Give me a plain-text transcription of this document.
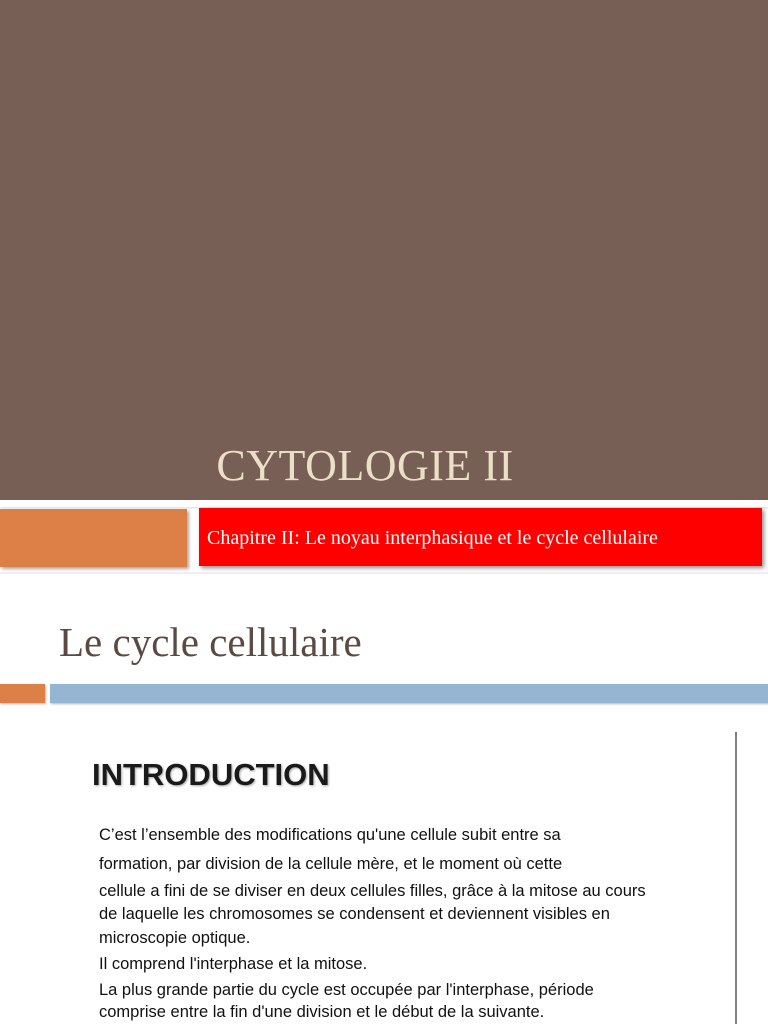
CYTOLOGIE II
Chapitre II: Le noyau interphasique et le cycle cellulaire
Le cycle cellulaire
INTRODUCTION
C’est l’ensemble des modifications qu'une cellule subit entre sa
formation, par division de la cellule mère, et le moment où cette
cellule a fini de se diviser en deux cellules filles, grâce à la mitose au cours
de laquelle les chromosomes se condensent et deviennent visibles en
microscopie optique.
Il comprend l'interphase et la mitose.
La plus grande partie du cycle est occupée par l'interphase, période
comprise entre la fin d'une division et le début de la suivante.
